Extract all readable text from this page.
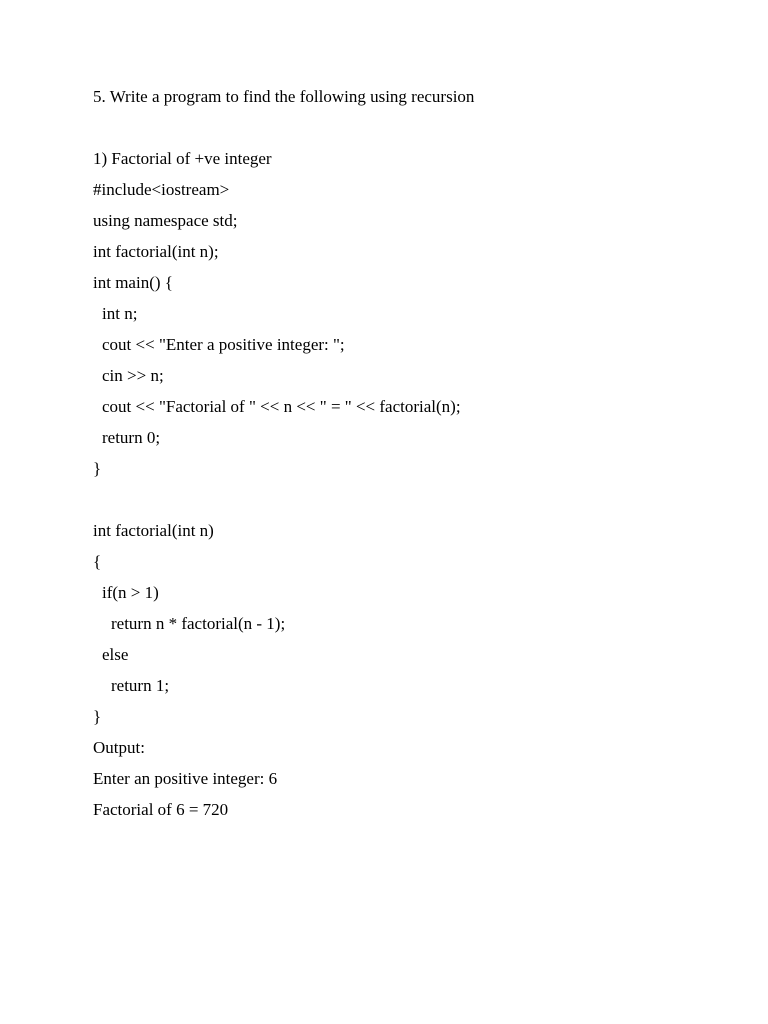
5. Write a program to find the following using recursion
1) Factorial of +ve integer
#include<iostream>
using namespace std;
int factorial(int n);
int main() {
int n;
cout << "Enter a positive integer: ";
cin >> n;
cout << "Factorial of " << n << " = " << factorial(n);
return 0;
}
int factorial(int n)
{
if(n > 1)
return n * factorial(n - 1);
else
return 1;
}
Output:
Enter an positive integer: 6
Factorial of 6 = 720
